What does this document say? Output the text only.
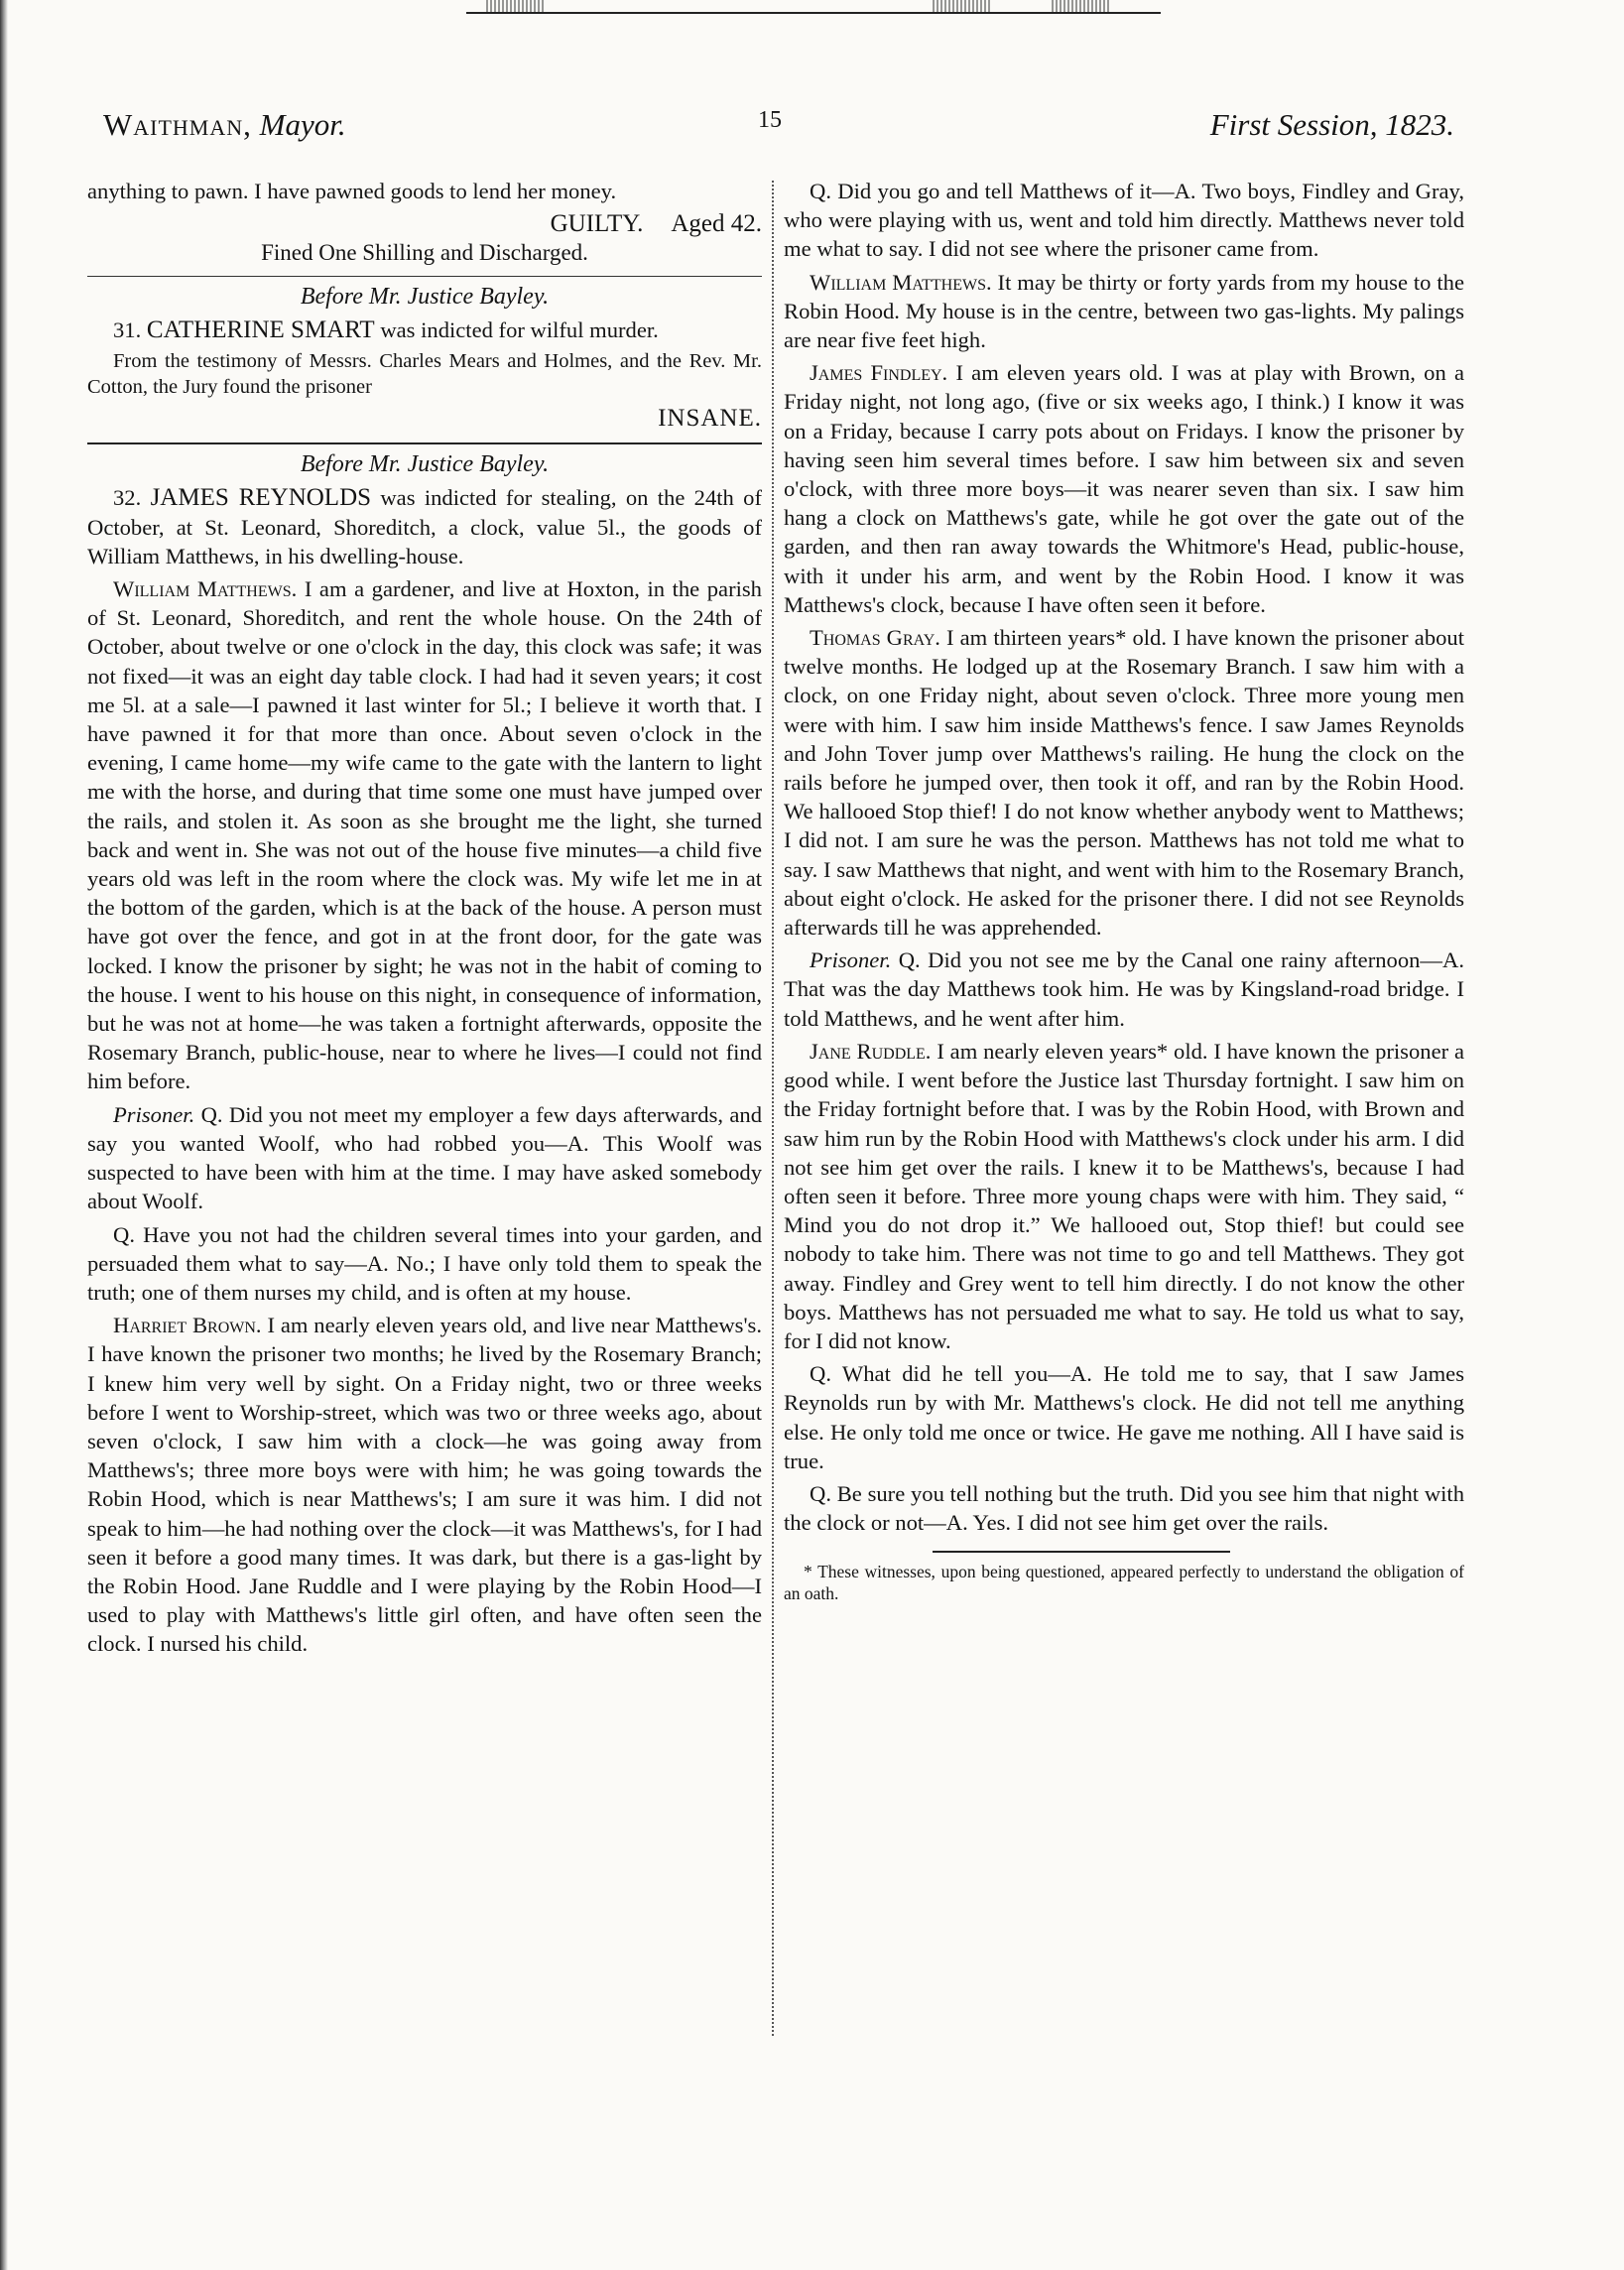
Waithman, Mayor.	15	First Session, 1823.

anything to pawn. I have pawned goods to lend her money.

GUILTY. Aged 42.

Fined One Shilling and Discharged.

Before Mr. Justice Bayley.

31. CATHERINE SMART was indicted for wilful murder.

From the testimony of Messrs. Charles Mears and Holmes, and the Rev. Mr. Cotton, the Jury found the prisoner

INSANE.

Before Mr. Justice Bayley.

32. JAMES REYNOLDS was indicted for stealing, on the 24th of October, at St. Leonard, Shoreditch, a clock, value 5l., the goods of William Matthews, in his dwelling-house.

William Matthews. I am a gardener, and live at Hoxton, in the parish of St. Leonard, Shoreditch, and rent the whole house. On the 24th of October, about twelve or one o'clock in the day, this clock was safe; it was not fixed—it was an eight day table clock. I had had it seven years; it cost me 5l. at a sale—I pawned it last winter for 5l.; I believe it worth that. I have pawned it for that more than once. About seven o'clock in the evening, I came home—my wife came to the gate with the lantern to light me with the horse, and during that time some one must have jumped over the rails, and stolen it. As soon as she brought me the light, she turned back and went in. She was not out of the house five minutes—a child five years old was left in the room where the clock was. My wife let me in at the bottom of the garden, which is at the back of the house. A person must have got over the fence, and got in at the front door, for the gate was locked. I know the prisoner by sight; he was not in the habit of coming to the house. I went to his house on this night, in consequence of information, but he was not at home—he was taken a fortnight afterwards, opposite the Rosemary Branch, public-house, near to where he lives—I could not find him before.

Prisoner. Q. Did you not meet my employer a few days afterwards, and say you wanted Woolf, who had robbed you—A. This Woolf was suspected to have been with him at the time. I may have asked somebody about Woolf.

Q. Have you not had the children several times into your garden, and persuaded them what to say—A. No.; I have only told them to speak the truth; one of them nurses my child, and is often at my house.

Harriet Brown. I am nearly eleven years old, and live near Matthews's. I have known the prisoner two months; he lived by the Rosemary Branch; I knew him very well by sight. On a Friday night, two or three weeks before I went to Worship-street, which was two or three weeks ago, about seven o'clock, I saw him with a clock—he was going away from Matthews's; three more boys were with him; he was going towards the Robin Hood, which is near Matthews's; I am sure it was him. I did not speak to him—he had nothing over the clock—it was Matthews's, for I had seen it before a good many times. It was dark, but there is a gas-light by the Robin Hood. Jane Ruddle and I were playing by the Robin Hood—I used to play with Matthews's little girl often, and have often seen the clock. I nursed his child.

Q. Did you go and tell Matthews of it—A. Two boys, Findley and Gray, who were playing with us, went and told him directly. Matthews never told me what to say. I did not see where the prisoner came from.

William Matthews. It may be thirty or forty yards from my house to the Robin Hood. My house is in the centre, between two gas-lights. My palings are near five feet high.

James Findley. I am eleven years old. I was at play with Brown, on a Friday night, not long ago, (five or six weeks ago, I think.) I know it was on a Friday, because I carry pots about on Fridays. I know the prisoner by having seen him several times before. I saw him between six and seven o'clock, with three more boys—it was nearer seven than six. I saw him hang a clock on Matthews's gate, while he got over the gate out of the garden, and then ran away towards the Whitmore's Head, public-house, with it under his arm, and went by the Robin Hood. I know it was Matthews's clock, because I have often seen it before.

Thomas Gray. I am thirteen years* old. I have known the prisoner about twelve months. He lodged up at the Rosemary Branch. I saw him with a clock, on one Friday night, about seven o'clock. Three more young men were with him. I saw him inside Matthews's fence. I saw James Reynolds and John Tover jump over Matthews's railing. He hung the clock on the rails before he jumped over, then took it off, and ran by the Robin Hood. We hallooed Stop thief! I do not know whether anybody went to Matthews; I did not. I am sure he was the person. Matthews has not told me what to say. I saw Matthews that night, and went with him to the Rosemary Branch, about eight o'clock. He asked for the prisoner there. I did not see Reynolds afterwards till he was apprehended.

Prisoner. Q. Did you not see me by the Canal one rainy afternoon—A. That was the day Matthews took him. He was by Kingsland-road bridge. I told Matthews, and he went after him.

Jane Ruddle. I am nearly eleven years* old. I have known the prisoner a good while. I went before the Justice last Thursday fortnight. I saw him on the Friday fortnight before that. I was by the Robin Hood, with Brown and saw him run by the Robin Hood with Matthews's clock under his arm. I did not see him get over the rails. I knew it to be Matthews's, because I had often seen it before. Three more young chaps were with him. They said, “ Mind you do not drop it.” We hallooed out, Stop thief! but could see nobody to take him. There was not time to go and tell Matthews. They got away. Findley and Grey went to tell him directly. I do not know the other boys. Matthews has not persuaded me what to say. He told us what to say, for I did not know.

Q. What did he tell you—A. He told me to say, that I saw James Reynolds run by with Mr. Matthews's clock. He did not tell me anything else. He only told me once or twice. He gave me nothing. All I have said is true.

Q. Be sure you tell nothing but the truth. Did you see him that night with the clock or not—A. Yes. I did not see him get over the rails.

* These witnesses, upon being questioned, appeared perfectly to understand the obligation of an oath.
